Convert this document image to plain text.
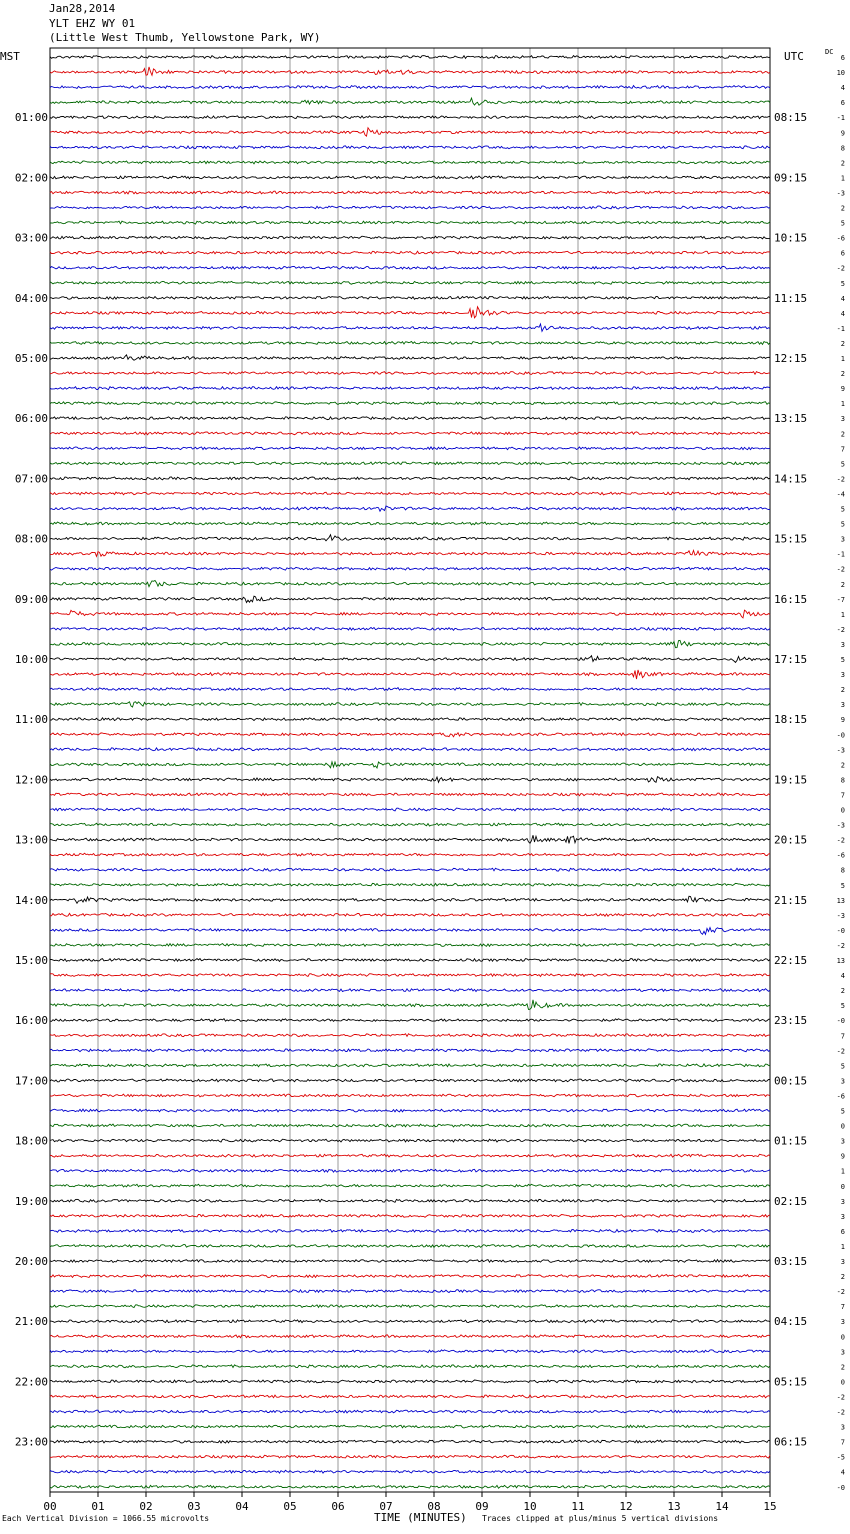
Jan28,2014
YLT EHZ WY 01
(Little West Thumb, Yellowstone Park, WY)
MST	UTC	DC
00	01	02	03	04	05	06	07	08	09	10	11	12	13	14	15
01:00
02:00
03:00
04:00
05:00
06:00
07:00
08:00
09:00
10:00
11:00
12:00
13:00
14:00
15:00
16:00
17:00
18:00
19:00
20:00
21:00
22:00
23:00
08:15
09:15
10:15
11:15
12:15
13:15
14:15
15:15
16:15
17:15
18:15
19:15
20:15
21:15
22:15
23:15
00:15
01:15
02:15
03:15
04:15
05:15
06:15
6
10
4
6
-1
9
8
2
1
-3
2
5
-6
6
-2
5
4
4
-1
2
1
2
9
1
3
2
7
5
-2
-4
5
5
3
-1
-2
2
-7
1
-2
3
5
3
2
3
9
-0
-3
2
8
7
0
-3
-2
-6
8
5
13
-3
-0
-2
13
4
2
5
-0
7
-2
5
3
-6
5
0
3
9
1
0
3
3
6
1
3
2
-2
7
3
0
3
2
0
-2
-2
3
7
-5
4
-0
Each Vertical Division = 1066.55 microvolts	TIME (MINUTES) Traces clipped at plus/minus 5 vertical divisions
